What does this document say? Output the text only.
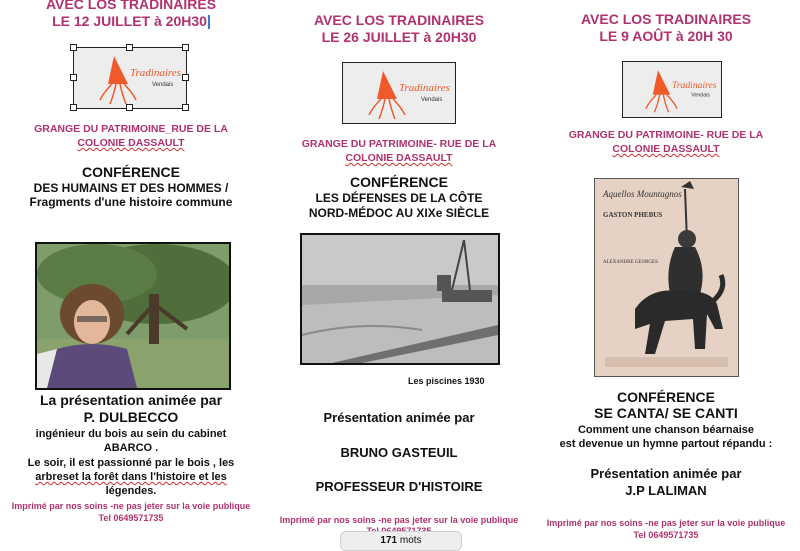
AVEC LOS TRADINAIRES
LE 12 JUILLET à 20H30
Tradinaires
Vendais
GRANGE DU PATRIMOINE_RUE DE LA
COLONIE DASSAULT
CONFÉRENCE
DES HUMAINS ET DES HOMMES /
Fragments d'une histoire commune
La présentation animée par
P. DULBECCO
ingénieur du bois au sein du cabinet
ABARCO .
Le soir, il est passionné par le bois , les
arbreset la forêt dans l'histoire et les
légendes.
Imprimé par nos soins -ne pas jeter sur la voie publique
Tel 0649571735
AVEC LOS TRADINAIRES
LE 26 JUILLET à 20H30
Tradinaires
Vendais
GRANGE DU PATRIMOINE- RUE DE LA
COLONIE DASSAULT
CONFÉRENCE
LES DÉFENSES DE LA CÔTE
NORD-MÉDOC AU XIXe SIÈCLE
Les piscines 1930
Présentation animée par
BRUNO GASTEUIL
PROFESSEUR D'HISTOIRE
Imprimé par nos soins -ne pas jeter sur la voie publique
AVEC LOS TRADINAIRES
LE 9 AOÛT à 20H 30
Tradinaires
Vendais
GRANGE DU PATRIMOINE- RUE DE LA
COLONIE DASSAULT
Aquellos Mountagnos
GASTON PHEBUS
ALEXANDRE GEORGES
CONFÉRENCE
SE CANTA/ SE CANTI
Comment une chanson béarnaise
est devenue un hymne partout répandu :
Présentation animée par
J.P LALIMAN
Imprimé par nos soins -ne pas jeter sur la voie publique
Tel 0649571735
171 mots
